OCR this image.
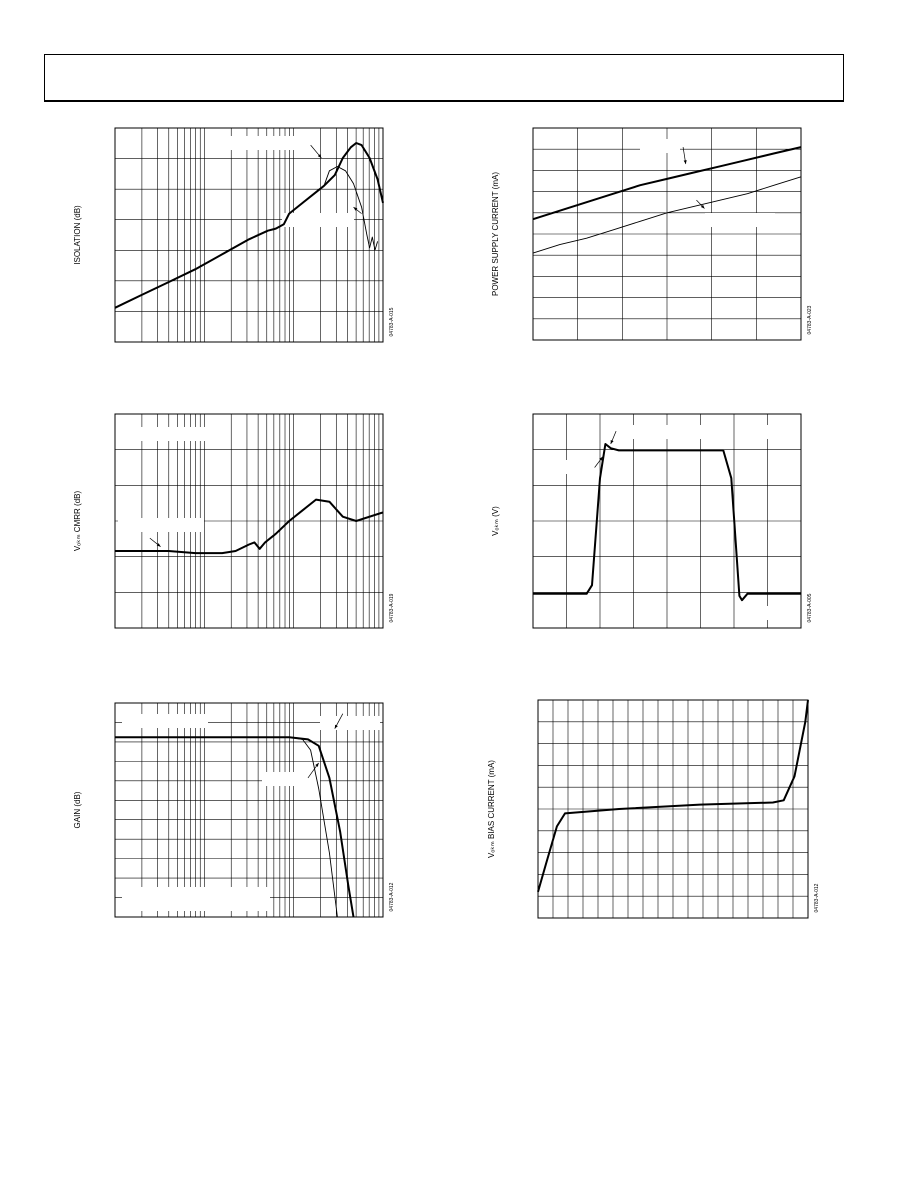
ISOLATION (dB)
04783-A-015
POWER SUPPLY CURRENT (mA)
04783-A-023
Vₒₖₘ CMRR (dB)
04783-A-019
Vₒₖₘ (V)
04783-A-005
GAIN (dB)
04783-A-012
Vₒₖₘ BIAS CURRENT (mA)
04783-A-012
